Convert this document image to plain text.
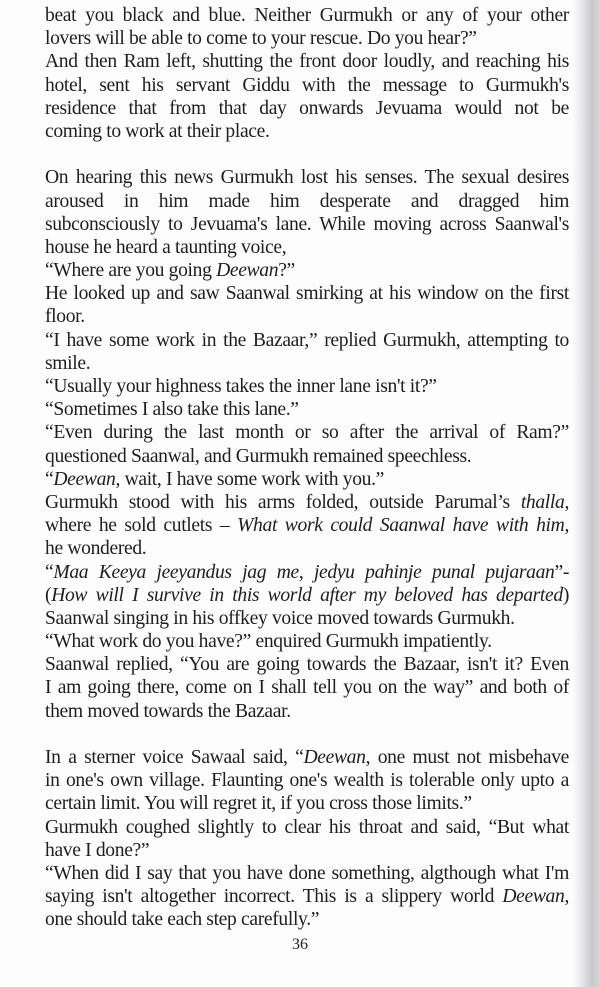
beat you black and blue. Neither Gurmukh or any of your other
lovers will be able to come to your rescue. Do you hear?”
And then Ram left, shutting the front door loudly, and reaching his
hotel, sent his servant Giddu with the message to Gurmukh's
residence that from that day onwards Jevuama would not be
coming to work at their place.
On hearing this news Gurmukh lost his senses. The sexual desires
aroused in him made him desperate and dragged him
subconsciously to Jevuama's lane. While moving across Saanwal's
house he heard a taunting voice,
“Where are you going Deewan?”
He looked up and saw Saanwal smirking at his window on the first
floor.
“I have some work in the Bazaar,” replied Gurmukh, attempting to
smile.
“Usually your highness takes the inner lane isn't it?”
“Sometimes I also take this lane.”
“Even during the last month or so after the arrival of Ram?”
questioned Saanwal, and Gurmukh remained speechless.
“Deewan, wait, I have some work with you.”
Gurmukh stood with his arms folded, outside Parumal’s thalla,
where he sold cutlets – What work could Saanwal have with him,
he wondered.
“Maa Keeya jeeyandus jag me, jedyu pahinje punal pujaraan”-
(How will I survive in this world after my beloved has departed)
Saanwal singing in his offkey voice moved towards Gurmukh.
“What work do you have?” enquired Gurmukh impatiently.
Saanwal replied, “You are going towards the Bazaar, isn't it? Even
I am going there, come on I shall tell you on the way” and both of
them moved towards the Bazaar.
In a sterner voice Sawaal said, “Deewan, one must not misbehave
in one's own village. Flaunting one's wealth is tolerable only upto a
certain limit. You will regret it, if you cross those limits.”
Gurmukh coughed slightly to clear his throat and said, “But what
have I done?”
“When did I say that you have done something, algthough what I'm
saying isn't altogether incorrect. This is a slippery world Deewan,
one should take each step carefully.”
36
